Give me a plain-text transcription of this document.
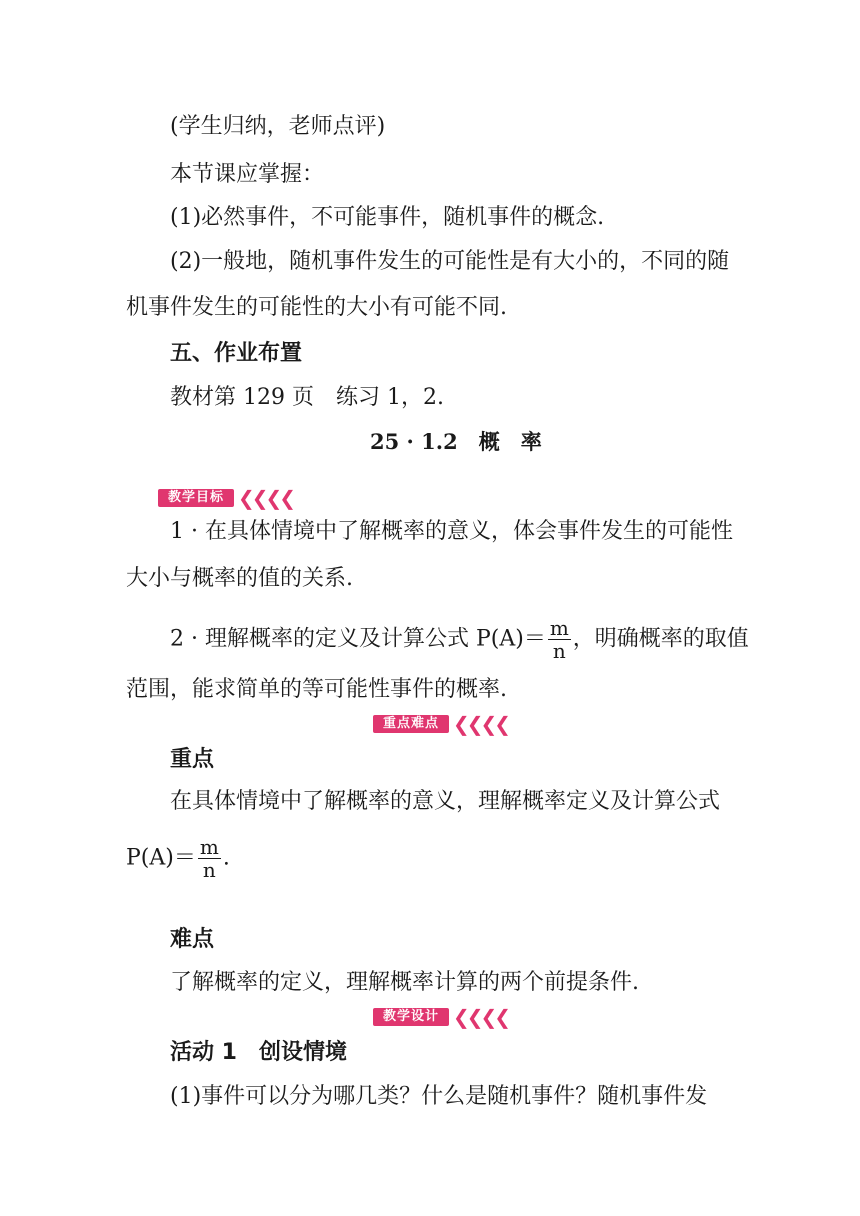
(学生归纳，老师点评)
本节课应掌握：
(1)必然事件，不可能事件，随机事件的概念.
(2)一般地，随机事件发生的可能性是有大小的，不同的随
机事件发生的可能性的大小有可能不同.
五、作业布置
教材第 129 页　练习 1，2.
25 · 1.2　概　率
教学目标 ❮❮❮❮
1 · 在具体情境中了解概率的意义，体会事件发生的可能性
大小与概率的值的关系.
2 · 理解概率的定义及计算公式 $P(A)= \frac{m}{n}$ ，明确概率的取值
范围，能求简单的等可能性事件的概率.
重点难点 ❮❮❮❮
重点
在具体情境中了解概率的意义，理解概率定义及计算公式
$P(A)= \frac{m}{n}$ .
难点
了解概率的定义，理解概率计算的两个前提条件.
教学设计 ❮❮❮❮
活动 1　创设情境
(1)事件可以分为哪几类？什么是随机事件？随机事件发
